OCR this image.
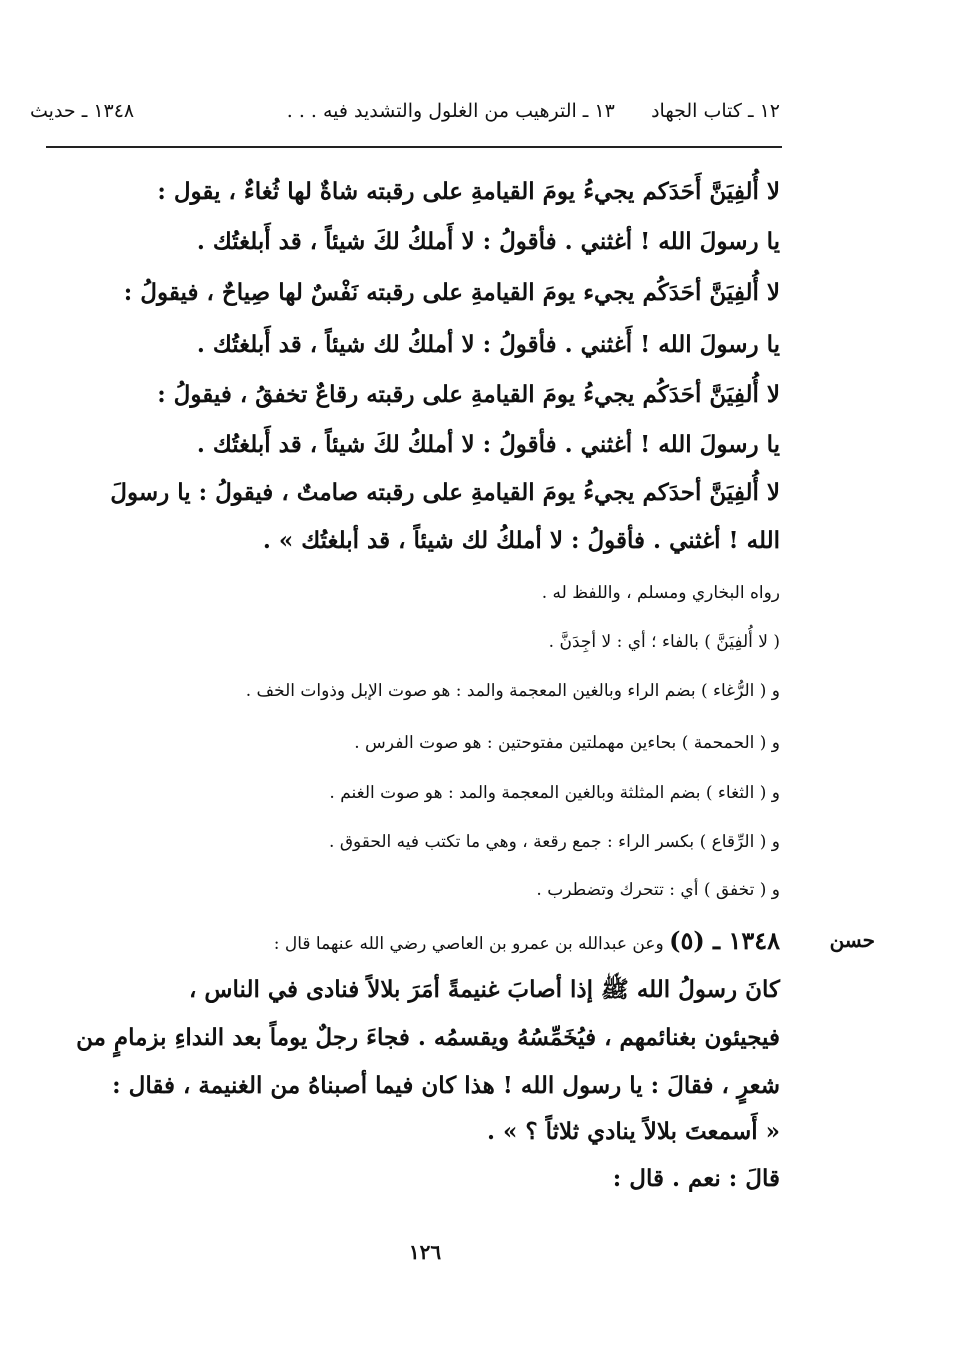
١٢ ـ كتاب الجهاد      ١٣ ـ الترهيب من الغلول والتشديد فيه . . .
١٣٤٨ ـ حديث
لا أُلفِيَنَّ أَحَدَكم يجيءُ يومَ القيامةِ على رقبته شاةٌ لها ثُغاءٌ ، يقول :
يا رسولَ الله ! أغثني . فأقولُ : لا أَملكُ لكَ شيئاً ، قد أَبلغتُك .
لا أُلفِيَنَّ أحَدَكُم يجيء يومَ القيامةِ على رقبته نَفْسٌ لها صِياحٌ ، فيقولُ :
يا رسولَ الله ! أَغثني . فأقولُ : لا أملكُ لك شيئاً ، قد أَبلغتُك .
لا أُلفِيَنَّ أحَدَكُم يجيءُ يومَ القيامةِ على رقبته رقاعٌ تخفقُ ، فيقولُ :
يا رسولَ الله ! أغثني . فأقولُ : لا أملكُ لكَ شيئاً ، قد أَبلغتُك .
لا أُلفِيَنَّ أحدَكم يجيءُ يومَ القيامةِ على رقبته صامتٌ ، فيقولُ : يا رسولَ
الله ! أغثني . فأقولُ : لا أملكُ لك شيئاً ، قد أبلغتُك » .
رواه البخاري ومسلم ، واللفظ له .
( لا أُلفِيَنَّ ) بالفاء ؛ أي : لا أجِدَنَّ .
و ( الرُّغاء ) بضم الراء وبالغين المعجمة والمد : هو صوت الإبل وذوات الخف .
و ( الحمحمة ) بحاءين مهملتين مفتوحتين : هو صوت الفرس .
و ( الثغاء ) بضم المثلثة وبالغين المعجمة والمد : هو صوت الغنم .
و ( الرِّقاع ) بكسر الراء : جمع رقعة ، وهي ما تكتب فيه الحقوق .
و ( تخفق ) أي : تتحرك وتضطرب .
١٣٤٨ ـ (٥) وعن عبدالله بن عمرو بن العاصي رضي الله عنهما قال :
كانَ رسولُ الله ﷺ إذا أصابَ غنيمةً أمَرَ بلالاً فنادى في الناس ،
فيجيئون بغنائمهم ، فيُخَمِّسُهُ ويقسمُه . فجاءَ رجلٌ يوماً بعد النداءِ بزمامٍ من
شعرٍ ، فقالَ : يا رسول الله ! هذا كان فيما أصبناهُ من الغنيمة ، فقال :
« أَسمعتَ بلالاً ينادي ثلاثاً ؟ » .
قالَ : نعم . قال :
حسن
١٢٦
